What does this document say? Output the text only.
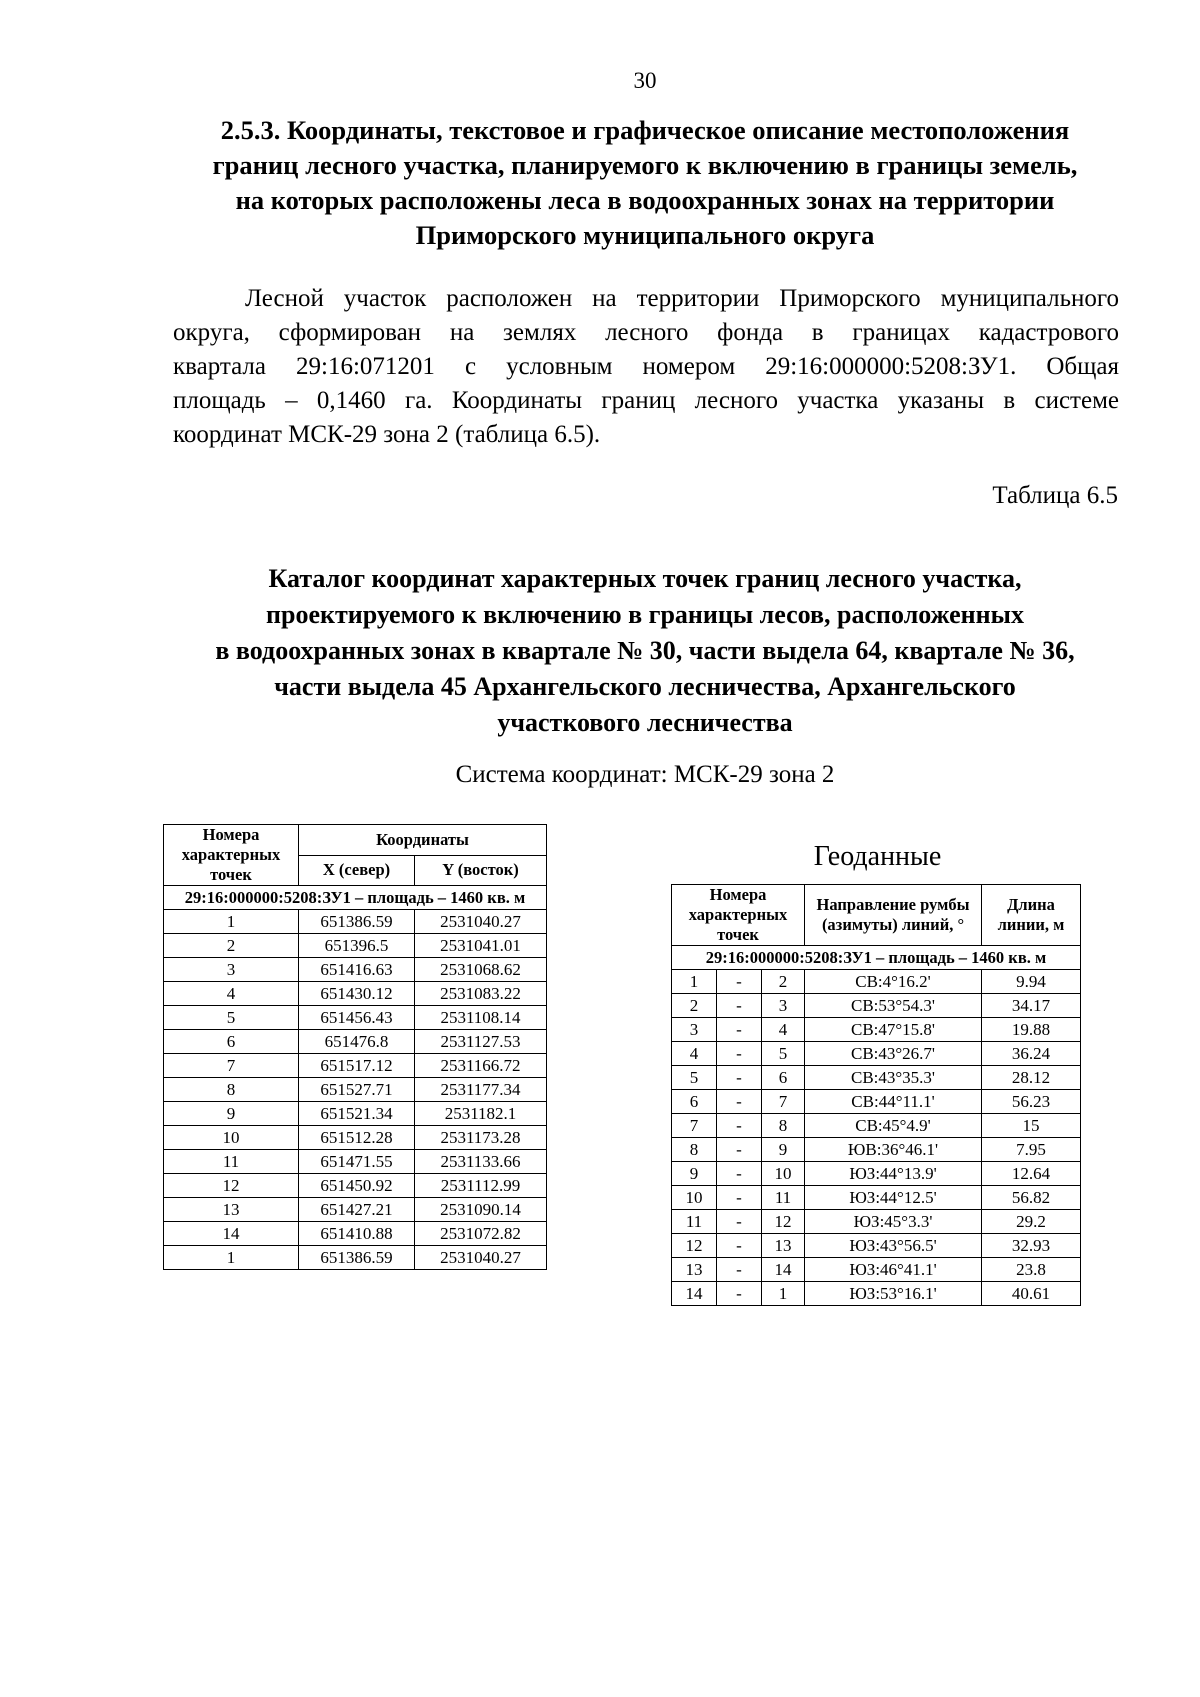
30
2.5.3. Координаты, текстовое и графическое описание местоположения
границ лесного участка, планируемого к включению в границы земель,
на которых расположены леса в водоохранных зонах на территории
Приморского муниципального округа
Лесной участок расположен на территории Приморского муниципального
округа, сформирован на землях лесного фонда в границах кадастрового
квартала 29:16:071201 с условным номером 29:16:000000:5208:ЗУ1. Общая
площадь – 0,1460 га. Координаты границ лесного участка указаны в системе
координат МСК-29 зона 2 (таблица 6.5).
Таблица 6.5
Каталог координат характерных точек границ лесного участка,
проектируемого к включению в границы лесов, расположенных
в водоохранных зонах в квартале № 30, части выдела 64, квартале № 36,
части выдела 45 Архангельского лесничества, Архангельского
участкового лесничества
Система координат: МСК-29 зона 2
Номера характерных точек	Координаты	
	X (север)	Y (восток)
29:16:000000:5208:ЗУ1 – площадь – 1460 кв. м		
1	651386.59	2531040.27
2	651396.5	2531041.01
3	651416.63	2531068.62
4	651430.12	2531083.22
5	651456.43	2531108.14
6	651476.8	2531127.53
7	651517.12	2531166.72
8	651527.71	2531177.34
9	651521.34	2531182.1
10	651512.28	2531173.28
11	651471.55	2531133.66
12	651450.92	2531112.99
13	651427.21	2531090.14
14	651410.88	2531072.82
1	651386.59	2531040.27
Геоданные
Номера характерных точек			Направление румбы (азимуты) линий, °	Длина линии, м
29:16:000000:5208:ЗУ1 – площадь – 1460 кв. м				
1	-	2	СВ:4°16.2'	9.94
2	-	3	СВ:53°54.3'	34.17
3	-	4	СВ:47°15.8'	19.88
4	-	5	СВ:43°26.7'	36.24
5	-	6	СВ:43°35.3'	28.12
6	-	7	СВ:44°11.1'	56.23
7	-	8	СВ:45°4.9'	15
8	-	9	ЮВ:36°46.1'	7.95
9	-	10	ЮЗ:44°13.9'	12.64
10	-	11	ЮЗ:44°12.5'	56.82
11	-	12	ЮЗ:45°3.3'	29.2
12	-	13	ЮЗ:43°56.5'	32.93
13	-	14	ЮЗ:46°41.1'	23.8
14	-	1	ЮЗ:53°16.1'	40.61
